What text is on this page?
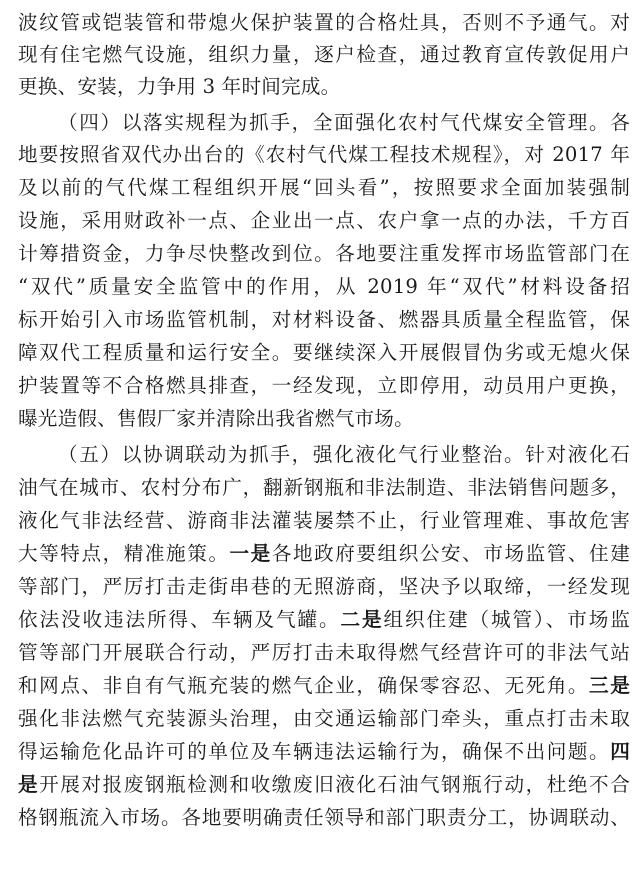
波纹管或铠装管和带熄火保护装置的合格灶具，否则不予通气。对
现有住宅燃气设施，组织力量，逐户检查，通过教育宣传敦促用户
更换、安装，力争用 3 年时间完成。
（四）以落实规程为抓手，全面强化农村气代煤安全管理。各
地要按照省双代办出台的《农村气代煤工程技术规程》，对 2017 年
及以前的气代煤工程组织开展“回头看”，按照要求全面加装强制
设施，采用财政补一点、企业出一点、农户拿一点的办法，千方百
计筹措资金，力争尽快整改到位。各地要注重发挥市场监管部门在
“双代”质量安全监管中的作用，从 2019 年“双代”材料设备招
标开始引入市场监管机制，对材料设备、燃器具质量全程监管，保
障双代工程质量和运行安全。要继续深入开展假冒伪劣或无熄火保
护装置等不合格燃具排查，一经发现，立即停用，动员用户更换，
曝光造假、售假厂家并清除出我省燃气市场。
（五）以协调联动为抓手，强化液化气行业整治。针对液化石
油气在城市、农村分布广，翻新钢瓶和非法制造、非法销售问题多，
液化气非法经营、游商非法灌装屡禁不止，行业管理难、事故危害
大等特点，精准施策。一是各地政府要组织公安、市场监管、住建
等部门，严厉打击走街串巷的无照游商，坚决予以取缔，一经发现
依法没收违法所得、车辆及气罐。二是组织住建（城管）、市场监
管等部门开展联合行动，严厉打击未取得燃气经营许可的非法气站
和网点、非自有气瓶充装的燃气企业，确保零容忍、无死角。三是
强化非法燃气充装源头治理，由交通运输部门牵头，重点打击未取
得运输危化品许可的单位及车辆违法运输行为，确保不出问题。四
是开展对报废钢瓶检测和收缴废旧液化石油气钢瓶行动，杜绝不合
格钢瓶流入市场。各地要明确责任领导和部门职责分工，协调联动、
